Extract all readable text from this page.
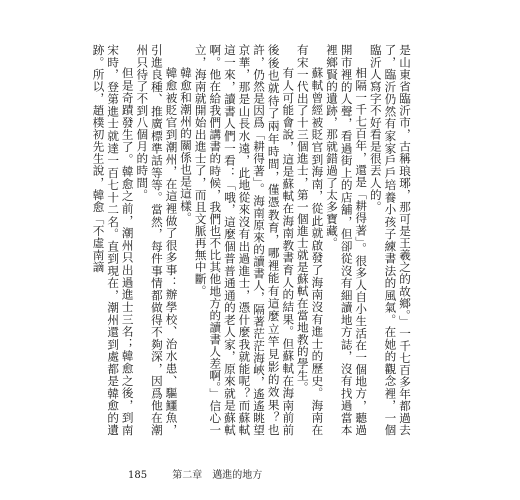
是山東省臨沂市，古稱琅琊，那可是王羲之的故鄉。」一千七百多年都過去了，臨沂仍然有家家戶戶培養小孩子練書法的風氣。在她的觀念裡，一個臨沂人寫字不好看是很丟人的。

相隔一千七百年，還是「耕得著」。很多人自小生活在一個地方，聽過開市裡的人聲，看過街上的店舖，但卻從沒有細讀地方誌，沒有找過當本裡鄉賢的遺跡，那就錯過了太多寶藏。

蘇軾曾經被貶官到海南，從此就啟發了海南沒有進士的歷史。海南在有宋一代出了十三個進士，第一個進士就是蘇軾在當地教的學生。

有人可能會說，這是蘇軾在海南教書育人的結果。但蘇軾在海南前前後後也就待了兩年時間，僅憑教育，哪裡能有這麼立竿見影的效果？也許，仍然是因爲「耕得著」。海南原來的讀書人，隔著茫茫海峽，遙遙眺望京華，那是山長水遠，此地從來沒有出過進士，憑什麼我就能呢？而蘇軾這一來，讀書人們一看：「哦，這麼個普普通通的老人家，原來就是蘇軾啊。他在給我們講書的時候，我們也不比其他地方的讀書人差啊。」信心一立，海南就開始出進士了，而且文脈再無中斷。

韓愈和潮州的關係也是這樣。

韓愈被貶官到潮州，在這裡做了很多事：辦學校、治水患、驅鱷魚，引進良種、推廣標準話等等。當然，每件事情都做得不夠深，因爲他在潮州只待了不到八個月的時間。

但是奇蹟發生了。韓愈之前，潮州只出過進士三名；韓愈之後，到南宋時，登第進士就達一百七十二名。直到現在，潮州還到處都是韓愈的遺跡。所以，趙樸初先生說，韓愈「不虛南謫

185	第二章　邁進的地方
